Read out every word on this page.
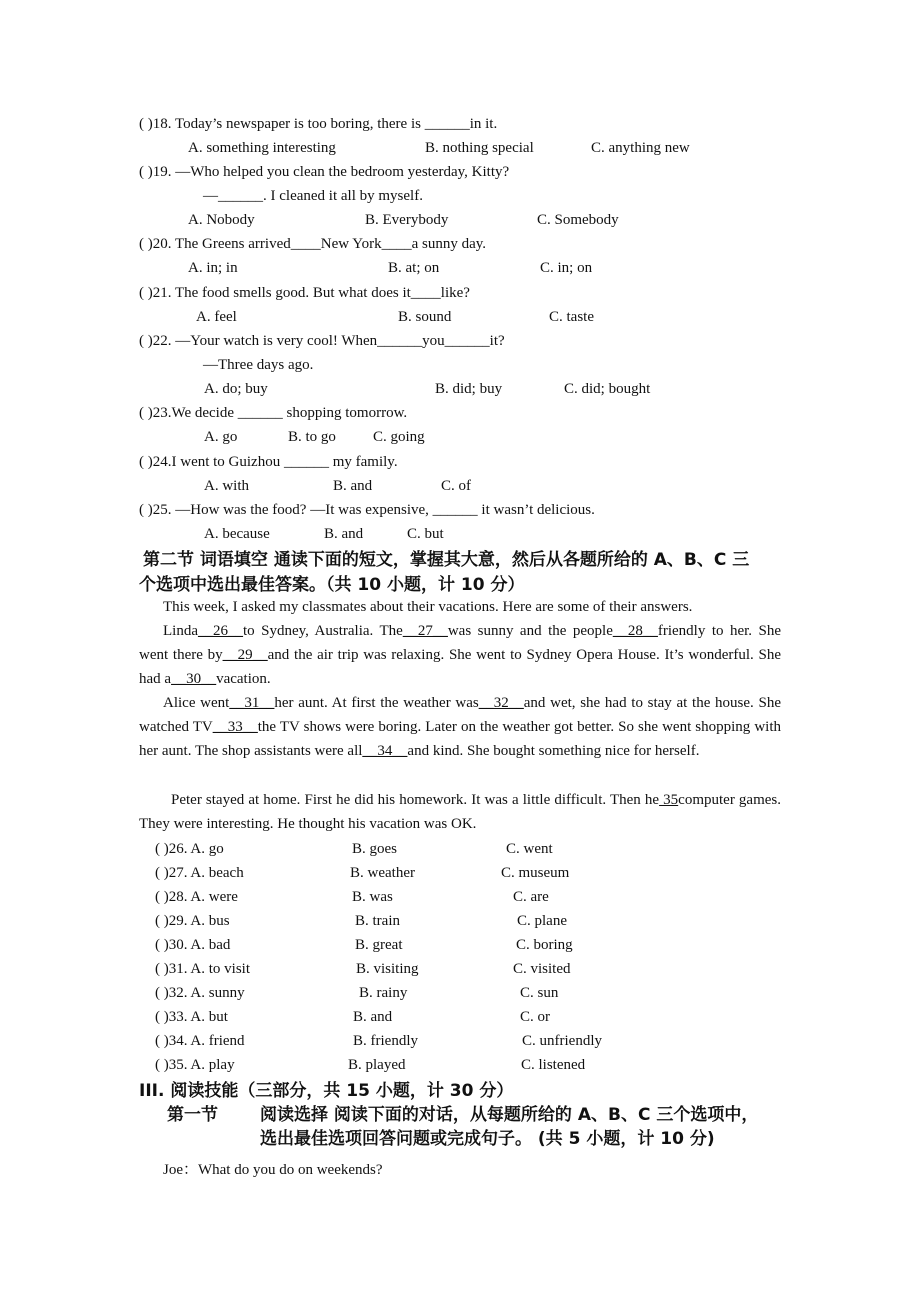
( )18. Today’s newspaper is too boring, there is ______in it.
A. something interesting	B. nothing special	C. anything new
( )19. —Who helped you clean the bedroom yesterday, Kitty?
—______. I cleaned it all by myself.
A. Nobody	B. Everybody	C. Somebody
( )20. The Greens arrived____New York____a sunny day.
A. in; in	B. at; on	C. in; on
( )21. The food smells good. But what does it____like?
A. feel	B. sound	C. taste
( )22. —Your watch is very cool! When______you______it?
—Three days ago.
A. do; buy	B. did; buy	C. did; bought
( )23.We decide ______ shopping tomorrow.
A. go	B. to go C. going
( )24.I went to Guizhou ______ my family.
A. with	B. and	C. of
( )25. —How was the food? —It was expensive, ______ it wasn’t delicious.
A. because	B. and	C. but
第二节 词语填空 通读下面的短文，掌握其大意，然后从各题所给的 A、B、C 三
个选项中选出最佳答案。（共 10 小题，计 10 分）
This week, I asked my classmates about their vacations. Here are some of their answers.
Linda__26__to Sydney, Australia. The__27__was sunny and the people__28__friendly to her. She went there by__29__and the air trip was relaxing. She went to Sydney Opera House. It’s wonderful. She had a__30__vacation.
Alice went__31__her aunt. At first the weather was__32__and wet, she had to stay at the house. She watched TV__33__the TV shows were boring. Later on the weather got better. So she went shopping with her aunt. The shop assistants were all__34__and kind. She bought something nice for herself.
Peter stayed at home. First he did his homework. It was a little difficult. Then he 35computer games. They were interesting. He thought his vacation was OK.
( )26. A. go	B. goes	C. went
( )27. A. beach	B. weather	C. museum
( )28. A. were	B. was	C. are
( )29. A. bus	B. train	C. plane
( )30. A. bad	B. great	C. boring
( )31. A. to visit	B. visiting	C. visited
( )32. A. sunny	B. rainy	C. sun
( )33. A. but	B. and	C. or
( )34. A. friend	B. friendly	C. unfriendly
( )35. A. play	B. played	C. listened
III. 阅读技能（三部分，共 15 小题，计 30 分）
第一节 阅读选择 阅读下面的对话，从每题所给的 A、B、C 三个选项中，
选出最佳选项回答问题或完成句子。 (共 5 小题，计 10 分)
Joe：What do you do on weekends?
